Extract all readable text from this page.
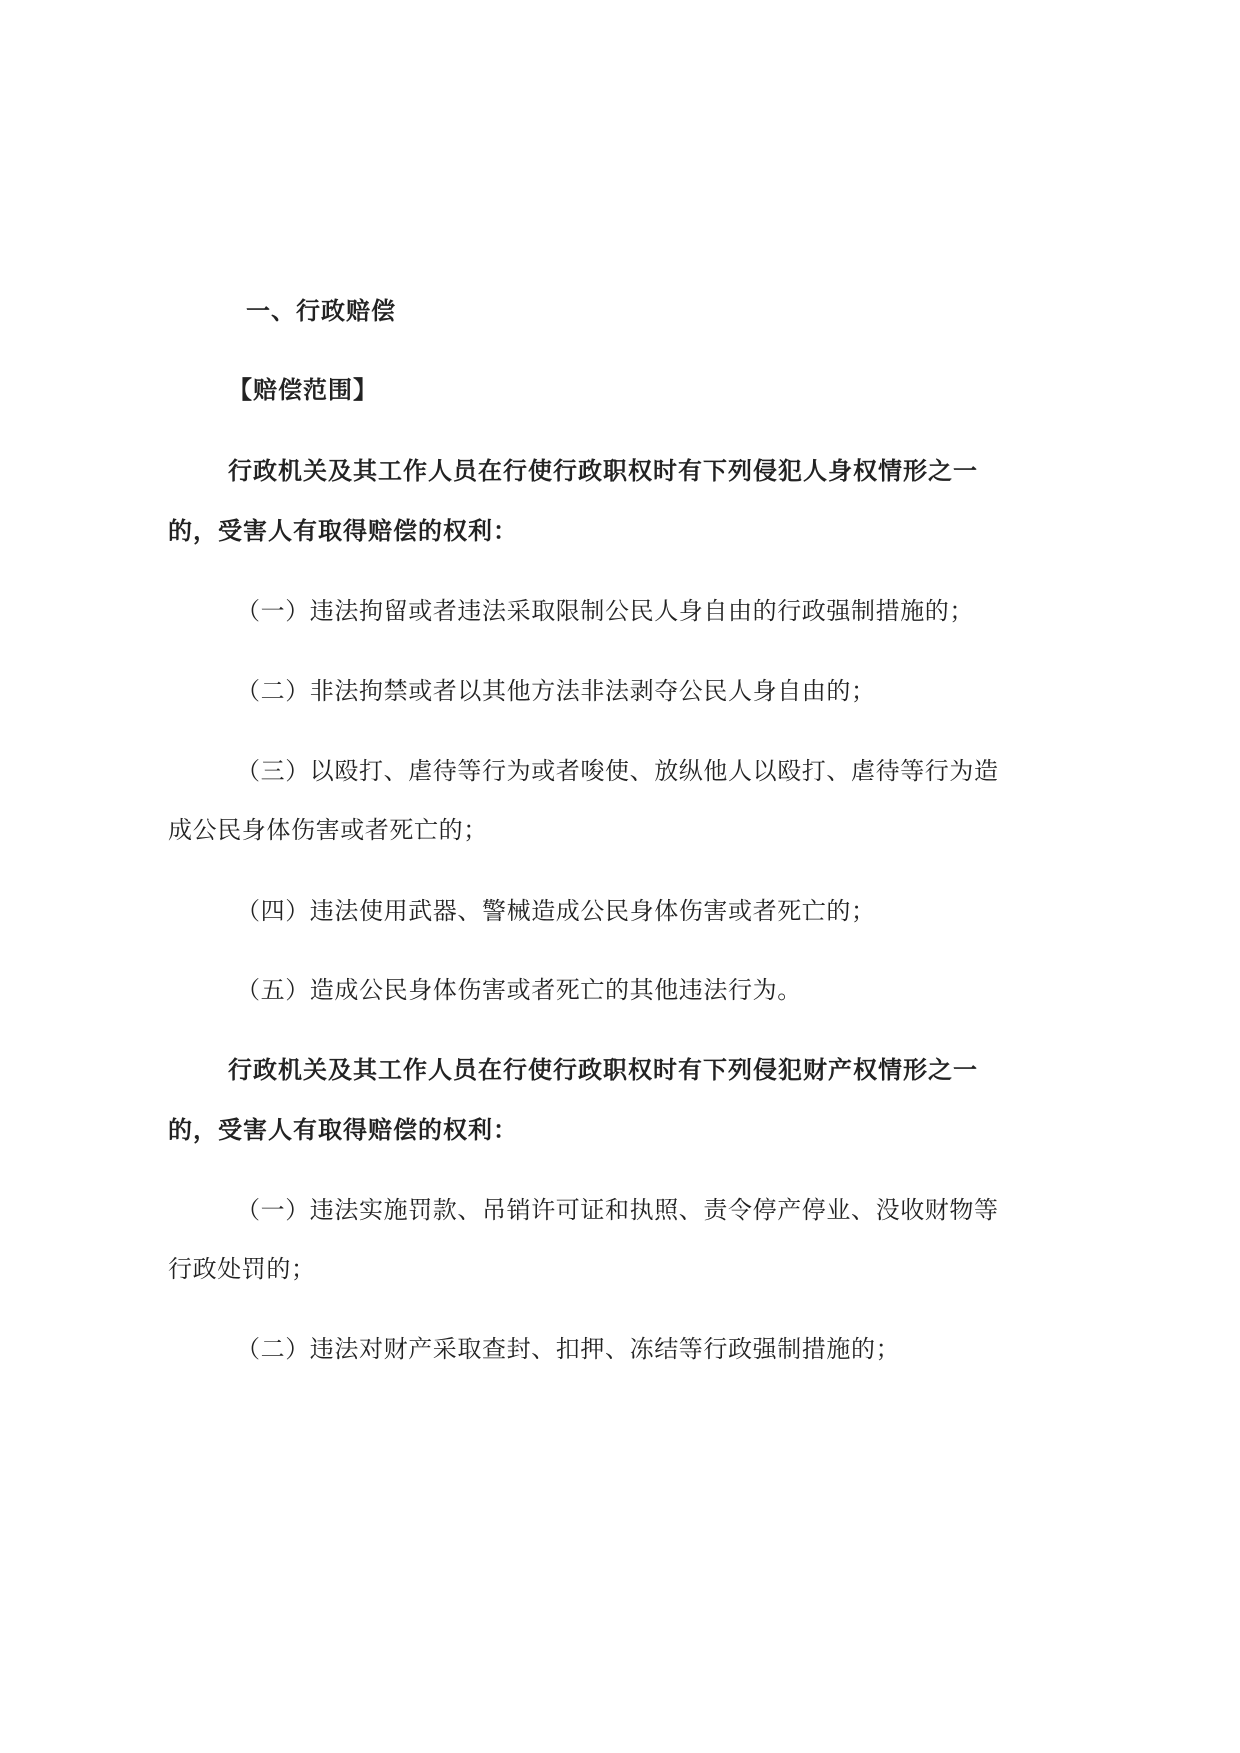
一、行政赔偿
【赔偿范围】
行政机关及其工作人员在行使行政职权时有下列侵犯人身权情形之一
的，受害人有取得赔偿的权利：
（一）违法拘留或者违法采取限制公民人身自由的行政强制措施的；
（二）非法拘禁或者以其他方法非法剥夺公民人身自由的；
（三）以殴打、虐待等行为或者唆使、放纵他人以殴打、虐待等行为造
成公民身体伤害或者死亡的；
（四）违法使用武器、警械造成公民身体伤害或者死亡的；
（五）造成公民身体伤害或者死亡的其他违法行为。
行政机关及其工作人员在行使行政职权时有下列侵犯财产权情形之一
的，受害人有取得赔偿的权利：
（一）违法实施罚款、吊销许可证和执照、责令停产停业、没收财物等
行政处罚的；
（二）违法对财产采取查封、扣押、冻结等行政强制措施的；
